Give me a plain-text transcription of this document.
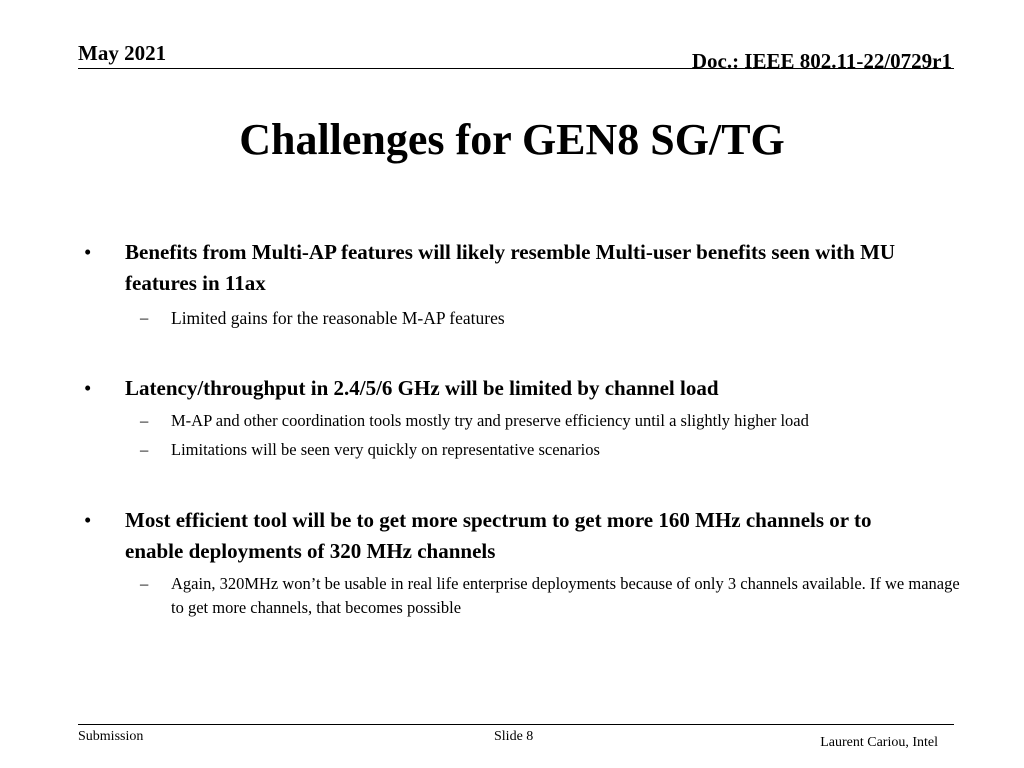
May 2021	Doc.: IEEE 802.11-22/0729r1
Challenges for GEN8 SG/TG
• Benefits from Multi-AP features will likely resemble Multi-user benefits seen with MU features in 11ax
– Limited gains for the reasonable M-AP features
• Latency/throughput in 2.4/5/6 GHz will be limited by channel load
– M-AP and other coordination tools mostly try and preserve efficiency until a slightly higher load
– Limitations will be seen very quickly on representative scenarios
• Most efficient tool will be to get more spectrum to get more 160 MHz channels or to enable deployments of 320 MHz channels
– Again, 320MHz won’t be usable in real life enterprise deployments because of only 3 channels available. If we manage to get more channels, that becomes possible
Submission	Slide 8	Laurent Cariou, Intel
